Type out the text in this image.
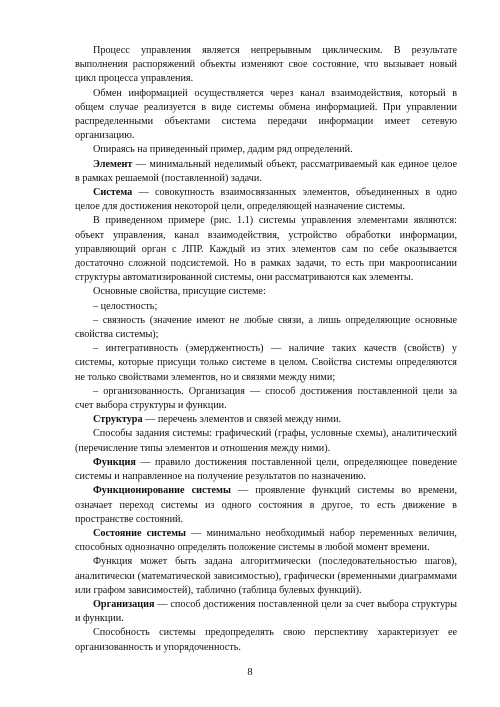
Процесс управления является непрерывным циклическим. В результате выполнения распоряжений объекты изменяют свое состояние, что вызывает новый цикл процесса управления.

Обмен информацией осуществляется через канал взаимодействия, который в общем случае реализуется в виде системы обмена информацией. При управлении распределенными объектами система передачи информации имеет сетевую организацию.

Опираясь на приведенный пример, дадим ряд определений.

Элемент — минимальный неделимый объект, рассматриваемый как единое целое в рамках решаемой (поставленной) задачи.

Система — совокупность взаимосвязанных элементов, объединенных в одно целое для достижения некоторой цели, определяющей назначение системы.

В приведенном примере (рис. 1.1) системы управления элементами являются: объект управления, канал взаимодействия, устройство обработки информации, управляющий орган с ЛПР. Каждый из этих элементов сам по себе оказывается достаточно сложной подсистемой. Но в рамках задачи, то есть при макроописании структуры автоматизированной системы, они рассматриваются как элементы.

Основные свойства, присущие системе:

– целостность;

– связность (значение имеют не любые связи, а лишь определяющие основные свойства системы);

– интегративность (эмерджентность) — наличие таких качеств (свойств) у системы, которые присущи только системе в целом. Свойства системы определяются не только свойствами элементов, но и связями между ними;

– организованность. Организация — способ достижения поставленной цели за счет выбора структуры и функции.

Структура — перечень элементов и связей между ними.

Способы задания системы: графический (графы, условные схемы), аналитический (перечисление типы элементов и отношения между ними).

Функция — правило достижения поставленной цели, определяющее поведение системы и направленное на получение результатов по назначению.

Функционирование системы — проявление функций системы во времени, означает переход системы из одного состояния в другое, то есть движение в пространстве состояний.

Состояние системы — минимально необходимый набор переменных величин, способных однозначно определять положение системы в любой момент времени.

Функция может быть задана алгоритмически (последовательностью шагов), аналитически (математической зависимостью), графически (временными диаграммами или графом зависимостей), таблично (таблица булевых функций).

Организация — способ достижения поставленной цели за счет выбора структуры и функции.

Способность системы предопределять свою перспективу характеризует ее организованность и упорядоченность.

8
